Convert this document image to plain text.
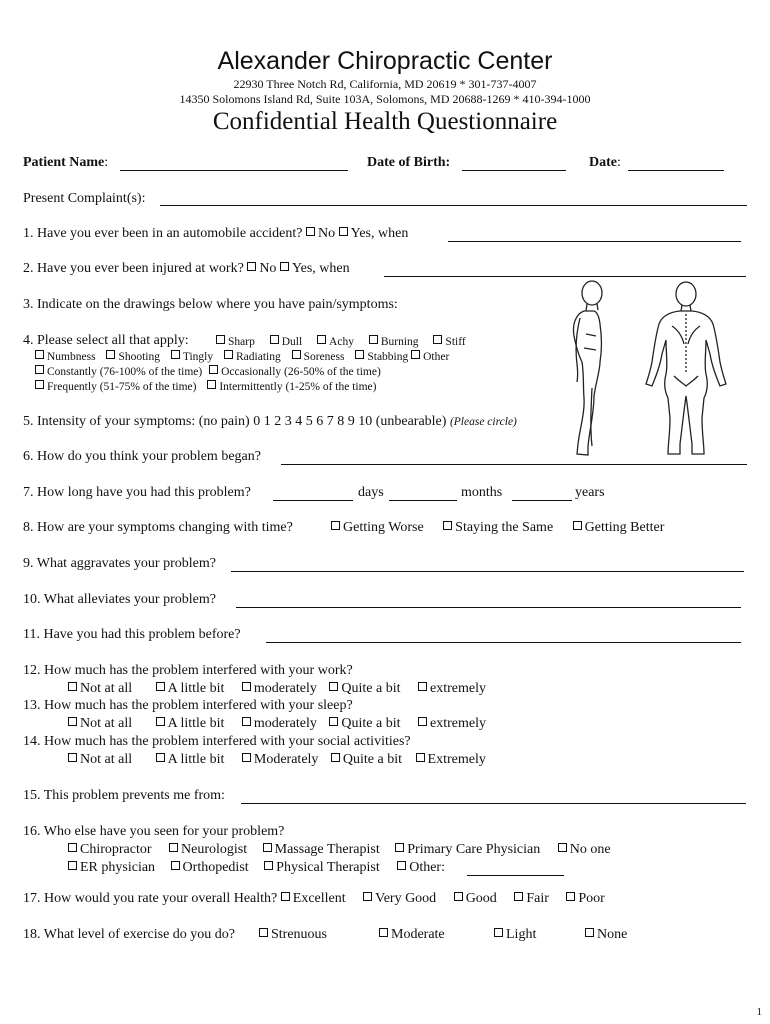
Alexander Chiropractic Center
22930 Three Notch Rd, California, MD 20619 * 301-737-4007
14350 Solomons Island Rd, Suite 103A, Solomons, MD 20688-1269 * 410-394-1000
Confidential Health Questionnaire
Patient Name:	Date of Birth:	Date:
Present Complaint(s):
1. Have you ever been in an automobile accident? No Yes, when
2. Have you ever been injured at work? No Yes, when
3. Indicate on the drawings below where you have pain/symptoms:
4. Please select all that apply:	Sharp Dull Achy Burning Stiff
Numbness Shooting Tingly Radiating Soreness Stabbing Other
Constantly (76-100% of the time) Occasionally (26-50% of the time)
Frequently (51-75% of the time) Intermittently (1-25% of the time)
5. Intensity of your symptoms: (no pain) 0 1 2 3 4 5 6 7 8 9 10 (unbearable) (Please circle)
6. How do you think your problem began?
7. How long have you had this problem?	days	months	years
8. How are your symptoms changing with time?	Getting Worse Staying the Same Getting Better
9. What aggravates your problem?
10. What alleviates your problem?
11. Have you had this problem before?
12. How much has the problem interfered with your work?
Not at all	A little bit moderately Quite a bit extremely
13. How much has the problem interfered with your sleep?
Not at all	A little bit moderately Quite a bit extremely
14. How much has the problem interfered with your social activities?
Not at all	A little bit Moderately Quite a bit Extremely
15. This problem prevents me from:
16. Who else have you seen for your problem?
Chiropractor Neurologist Massage Therapist Primary Care Physician No one
ER physician Orthopedist Physical Therapist Other:
17. How would you rate your overall Health? Excellent Very Good Good Fair Poor
18. What level of exercise do you do?	Strenuous	Moderate	Light	None
1
